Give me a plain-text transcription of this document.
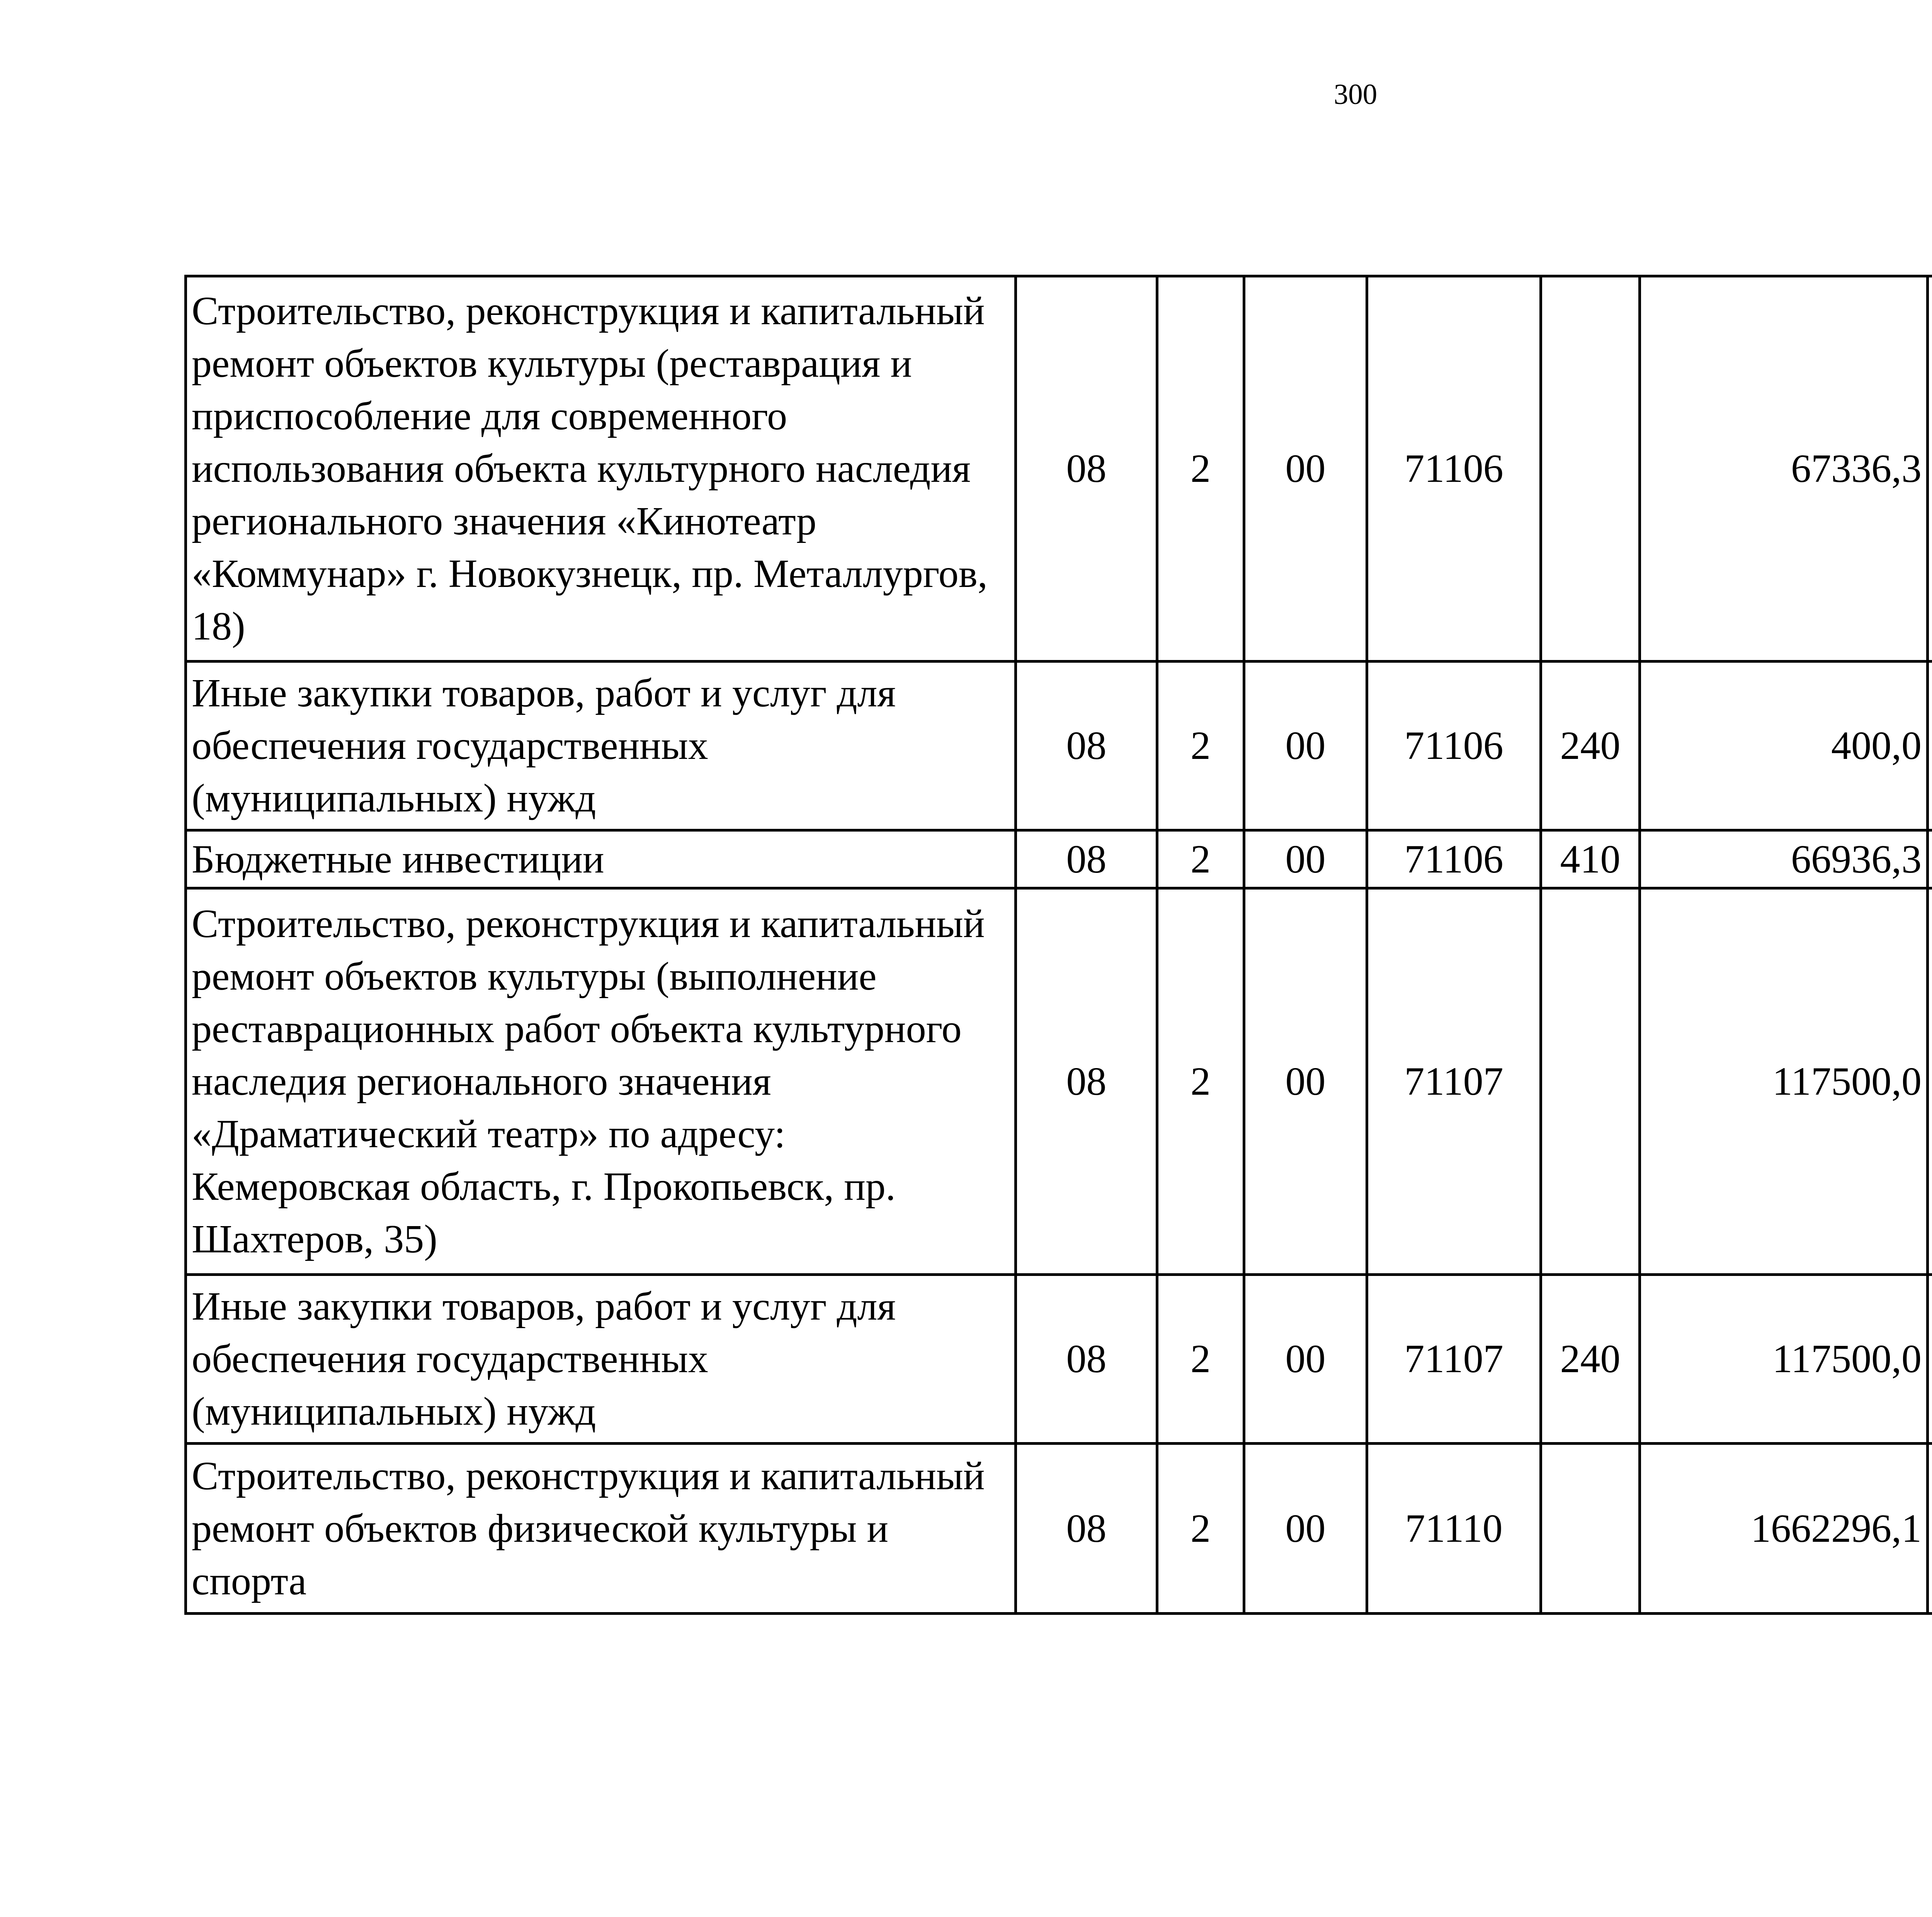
300
Строительство, реконструкция и капитальный ремонт объектов культуры (реставрация и приспособление для современного использования объекта культурного наследия регионального значения «Кинотеатр «Коммунар» г. Новокузнецк, пр. Металлургов, 18)	08	2	00	71106		67336,3		
Иные закупки товаров, работ и услуг для обеспечения государственных (муниципальных) нужд	08	2	00	71106	240	400,0		
Бюджетные инвестиции	08	2	00	71106	410	66936,3		
Строительство, реконструкция и капитальный ремонт объектов культуры (выполнение реставрационных работ объекта культурного наследия регионального значения «Драматический театр» по адресу: Кемеровская область, г. Прокопьевск, пр. Шахтеров, 35)	08	2	00	71107		117500,0		
Иные закупки товаров, работ и услуг для обеспечения государственных (муниципальных) нужд	08	2	00	71107	240	117500,0		
Строительство, реконструкция и капитальный ремонт объектов физической культуры и спорта	08	2	00	71110		1662296,1		
